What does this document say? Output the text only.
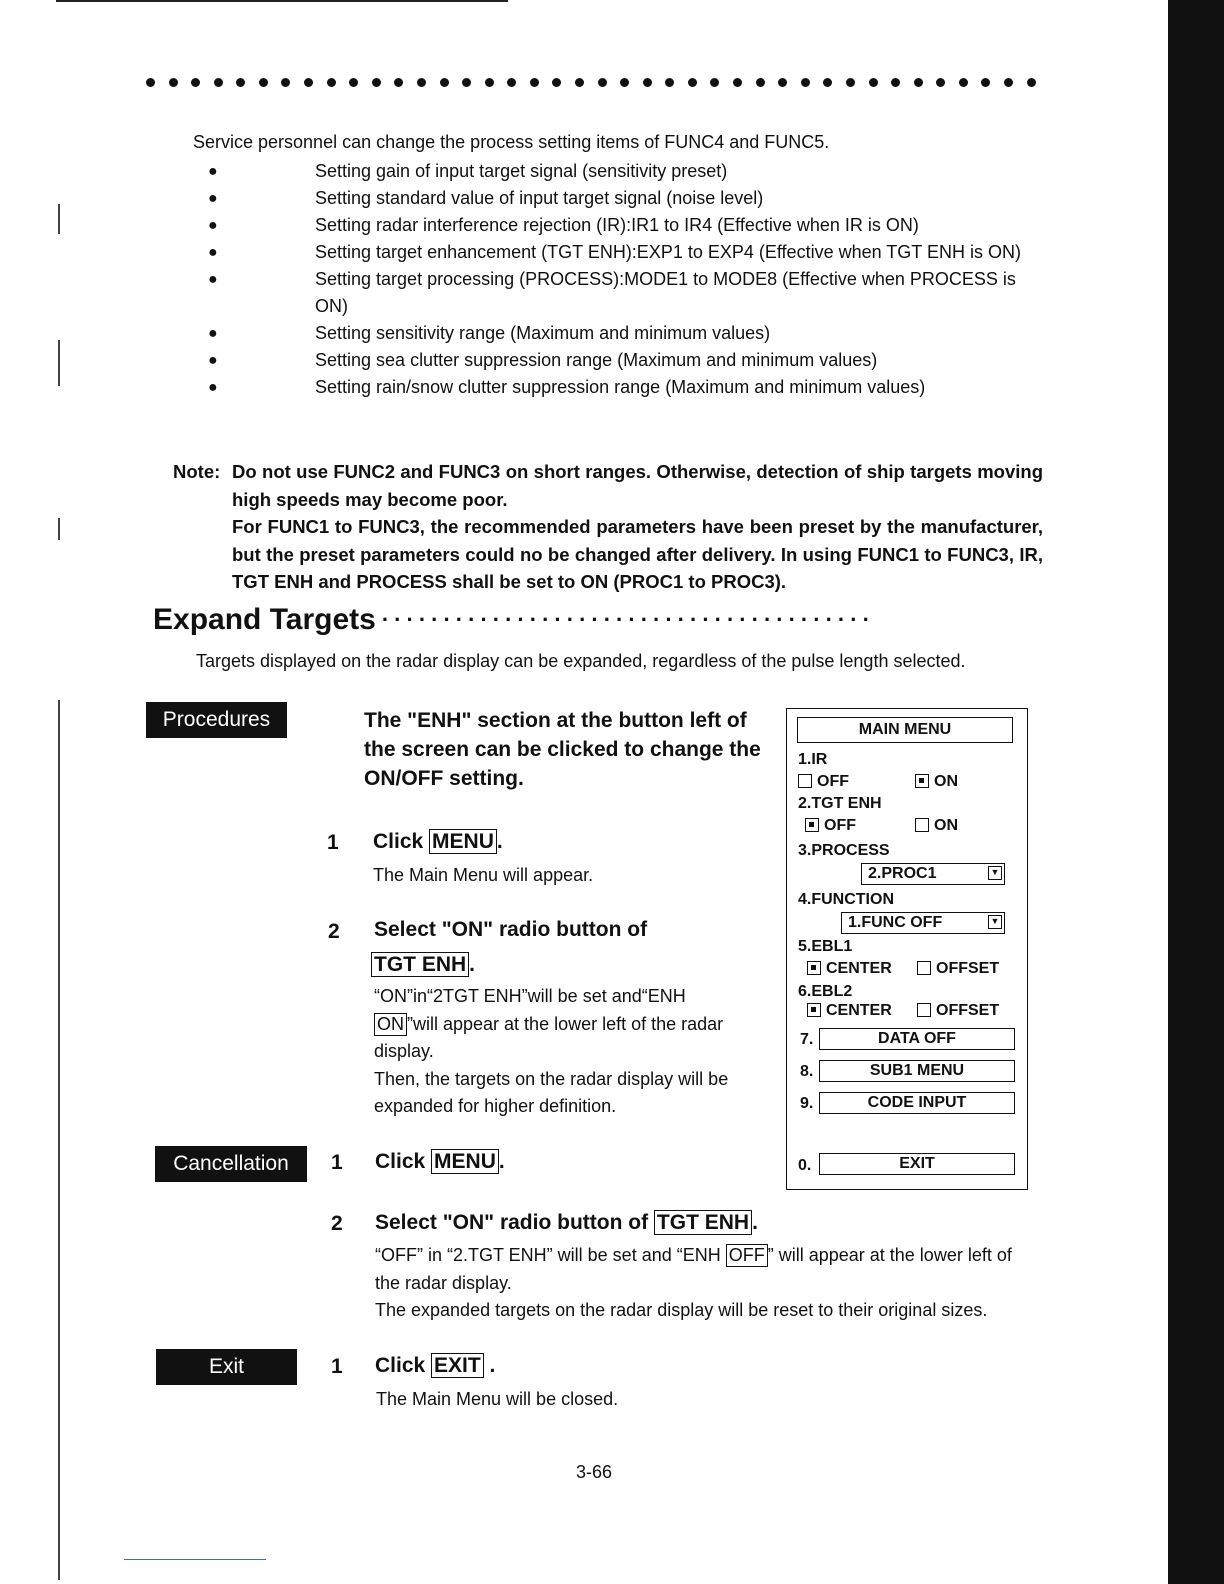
Service personnel can change the process setting items of FUNC4 and FUNC5.
●	Setting gain of input target signal (sensitivity preset)
●	Setting standard value of input target signal (noise level)
●	Setting radar interference rejection (IR):IR1 to IR4 (Effective when IR is ON)
●	Setting target enhancement (TGT ENH):EXP1 to EXP4 (Effective when TGT ENH is ON)
●	Setting target processing (PROCESS):MODE1 to MODE8 (Effective when PROCESS is ON)
●	Setting sensitivity range (Maximum and minimum values)
●	Setting sea clutter suppression range (Maximum and minimum values)
●	Setting rain/snow clutter suppression range (Maximum and minimum values)
Note: Do not use FUNC2 and FUNC3 on short ranges. Otherwise, detection of ship targets moving high speeds may become poor.

For FUNC1 to FUNC3, the recommended parameters have been preset by the manufacturer, but the preset parameters could no be changed after delivery. In using FUNC1 to FUNC3, IR, TGT ENH and PROCESS shall be set to ON (PROC1 to PROC3).

Expand Targets ········································
Targets displayed on the radar display can be expanded, regardless of the pulse length selected.
Procedures	The "ENH" section at the button left of the screen can be clicked to change the ON/OFF setting.
1 Click MENU .
The Main Menu will appear.
2 Select "ON" radio button of
TGT ENH .
“ON”in“2TGT ENH”will be set and“ENH
ON ”will appear at the lower left of the radar display.
Then, the targets on the radar display will be expanded for higher definition.
MAIN MENU
1.IR
OFF	ON
2.TGT ENH
OFF	ON
3.PROCESS
2.PROC1	▼
4.FUNCTION
1.FUNC OFF	▼
5.EBL1
CENTER	OFFSET
6.EBL2
CENTER	OFFSET
7.	DATA OFF
8.	SUB1 MENU
9.	CODE INPUT
0.	EXIT
Cancellation	1 Click MENU .
2 Select "ON" radio button of TGT ENH .
“OFF” in “2.TGT ENH” will be set and “ENH OFF ” will appear at the lower left of the radar display.
The expanded targets on the radar display will be reset to their original sizes.
Exit	1 Click EXIT .
The Main Menu will be closed.
3-66
